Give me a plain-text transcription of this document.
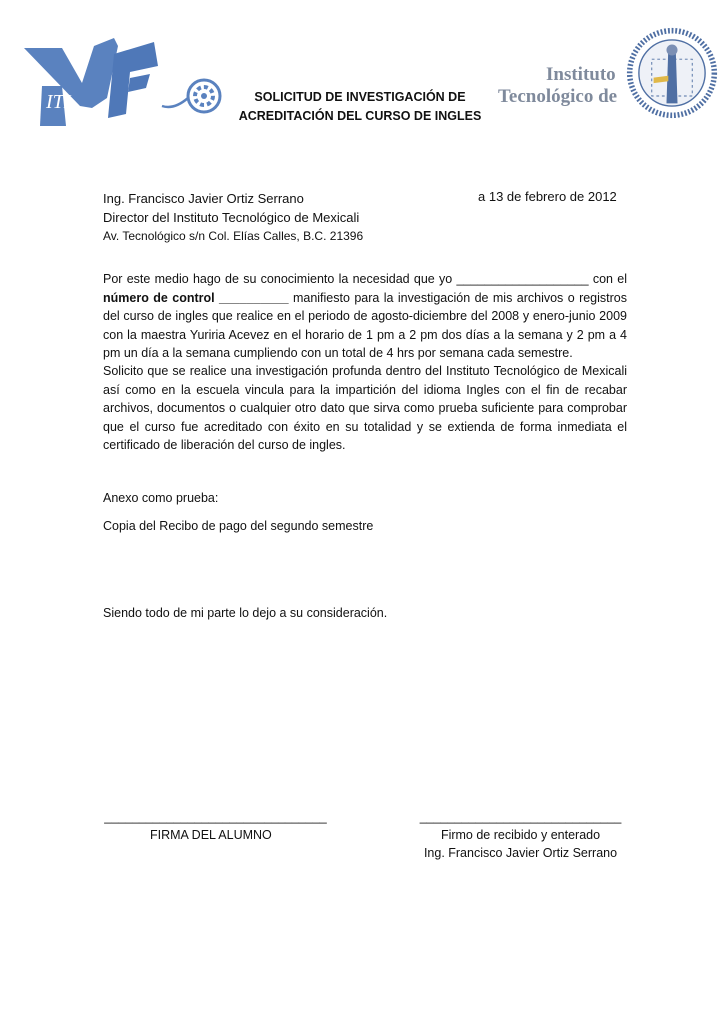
ITL
Instituto
Tecnológico de
SOLICITUD DE INVESTIGACIÓN DE
ACREDITACIÓN DEL CURSO DE INGLES
Ing. Francisco Javier Ortiz Serrano
Director del Instituto Tecnológico de Mexicali
Av. Tecnológico s/n Col. Elías Calles, B.C. 21396
a 13 de febrero de 2012
Por este medio hago de su conocimiento la necesidad que yo ___________________ con el número de control __________ manifiesto para la investigación de mis archivos o registros del curso de ingles que realice en el periodo de agosto-diciembre del 2008 y enero-junio 2009 con la maestra Yuriria Acevez en el horario de 1 pm a 2 pm dos días a la semana y 2 pm a 4 pm un día a la semana cumpliendo con un total de 4 hrs por semana cada semestre.
Solicito que se realice una investigación profunda dentro del Instituto Tecnológico de Mexicali así como en la escuela vincula para la impartición del idioma Ingles con el fin de recabar archivos, documentos o cualquier otro dato que sirva como prueba suficiente para comprobar que el curso fue acreditado con éxito en su totalidad y se extienda de forma inmediata el certificado de liberación del curso de ingles.
Anexo como prueba:
Copia del Recibo de pago del segundo semestre
Siendo todo de mi parte lo dejo a su consideración.
________________________________
FIRMA DEL ALUMNO
_____________________________
Firmo de recibido y enterado
Ing. Francisco Javier Ortiz Serrano
